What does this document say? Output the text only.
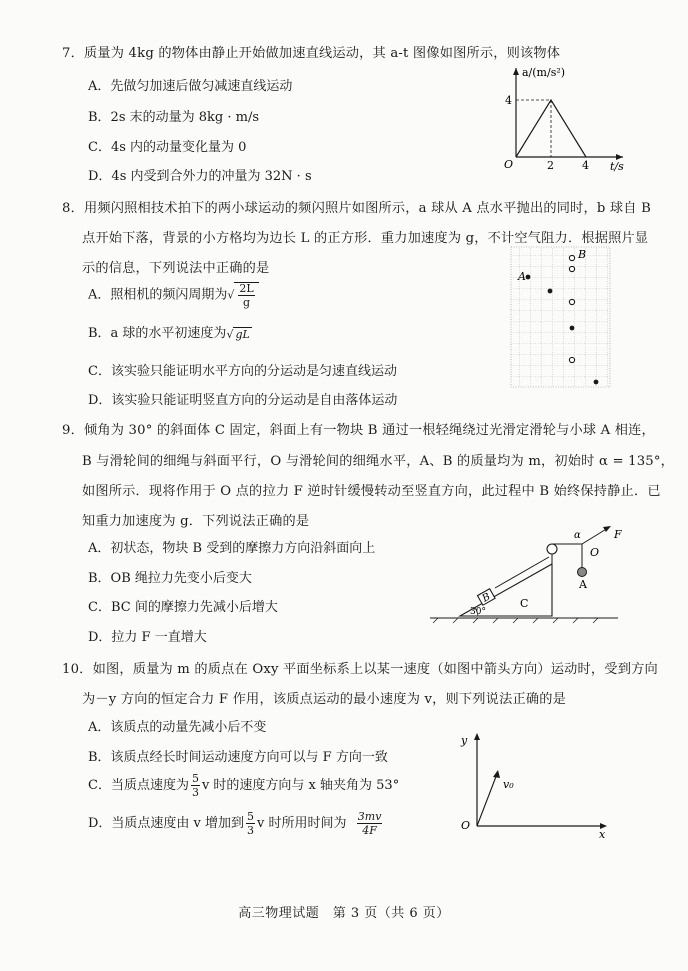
7．质量为 4kg 的物体由静止开始做加速直线运动，其 a-t 图像如图所示，则该物体
A．先做匀加速后做匀减速直线运动
B．2s 末的动量为 8kg · m/s
C．4s 内的动量变化量为 0
D．4s 内受到合外力的冲量为 32N · s
a/(m/s²)
t/s
O
4
2	4
8．用频闪照相技术拍下的两小球运动的频闪照片如图所示，a 球从 A 点水平抛出的同时，b 球自 B
点开始下落，背景的小方格均为边长 L 的正方形．重力加速度为 g，不计空气阻力．根据照片显
示的信息，下列说法中正确的是
A．照相机的频闪周期为√ $\frac{2L}{g}$
B．a 球的水平初速度为√ gL
C．该实验只能证明水平方向的分运动是匀速直线运动
D．该实验只能证明竖直方向的分运动是自由落体运动
A
B
9．倾角为 30° 的斜面体 C 固定，斜面上有一物块 B 通过一根轻绳绕过光滑定滑轮与小球 A 相连，
B 与滑轮间的细绳与斜面平行，O 与滑轮间的细绳水平，A、B 的质量均为 m，初始时 α = 135°，
如图所示．现将作用于 O 点的拉力 F 逆时针缓慢转动至竖直方向，此过程中 B 始终保持静止．已
知重力加速度为 g．下列说法正确的是
A．初状态，物块 B 受到的摩擦力方向沿斜面向上
B．OB 绳拉力先变小后变大
C．BC 间的摩擦力先减小后增大
D．拉力 F 一直增大
30°
C
B
A
F
α
O
10．如图，质量为 m 的质点在 Oxy 平面坐标系上以某一速度（如图中箭头方向）运动时，受到方向
为－y 方向的恒定合力 F 作用，该质点运动的最小速度为 v，则下列说法正确的是
A．该质点的动量先减小后不变
B．该质点经长时间运动速度方向可以与 F 方向一致
C．当质点速度为 $\frac{5}{3}$ v 时的速度方向与 x 轴夹角为 53°
D．当质点速度由 v 增加到 $\frac{5}{3}$ v 时所用时间为 $\frac{3mv}{4F}$
y
x
O
v₀
高三物理试题　第 3 页（共 6 页）
